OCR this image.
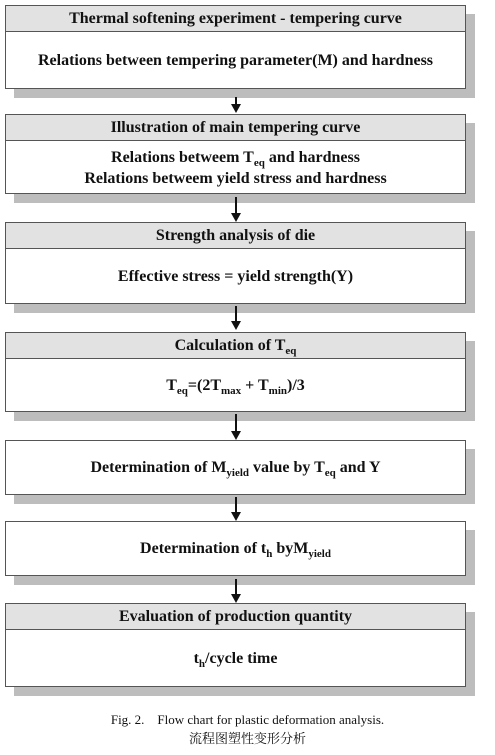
Thermal softening experiment - tempering curve
Relations between tempering parameter(M) and hardness
Illustration of main tempering curve
Relations betweem $T_{eq}$ and hardness
Relations betweem yield stress and hardness
Strength analysis of die
Effective stress = yield strength(Y)
Calculation of $T_{eq}$
$T_{eq}=(2T_{max} + T_{min})/3$
Determination of $M_{yield}$ value by $T_{eq}$ and Y
Determination of $t_h$ byM$_{yield}$
Evaluation of production quantity
$t_h$/cycle time
Fig. 2.    Flow chart for plastic deformation analysis.
流程图塑性变形分析
